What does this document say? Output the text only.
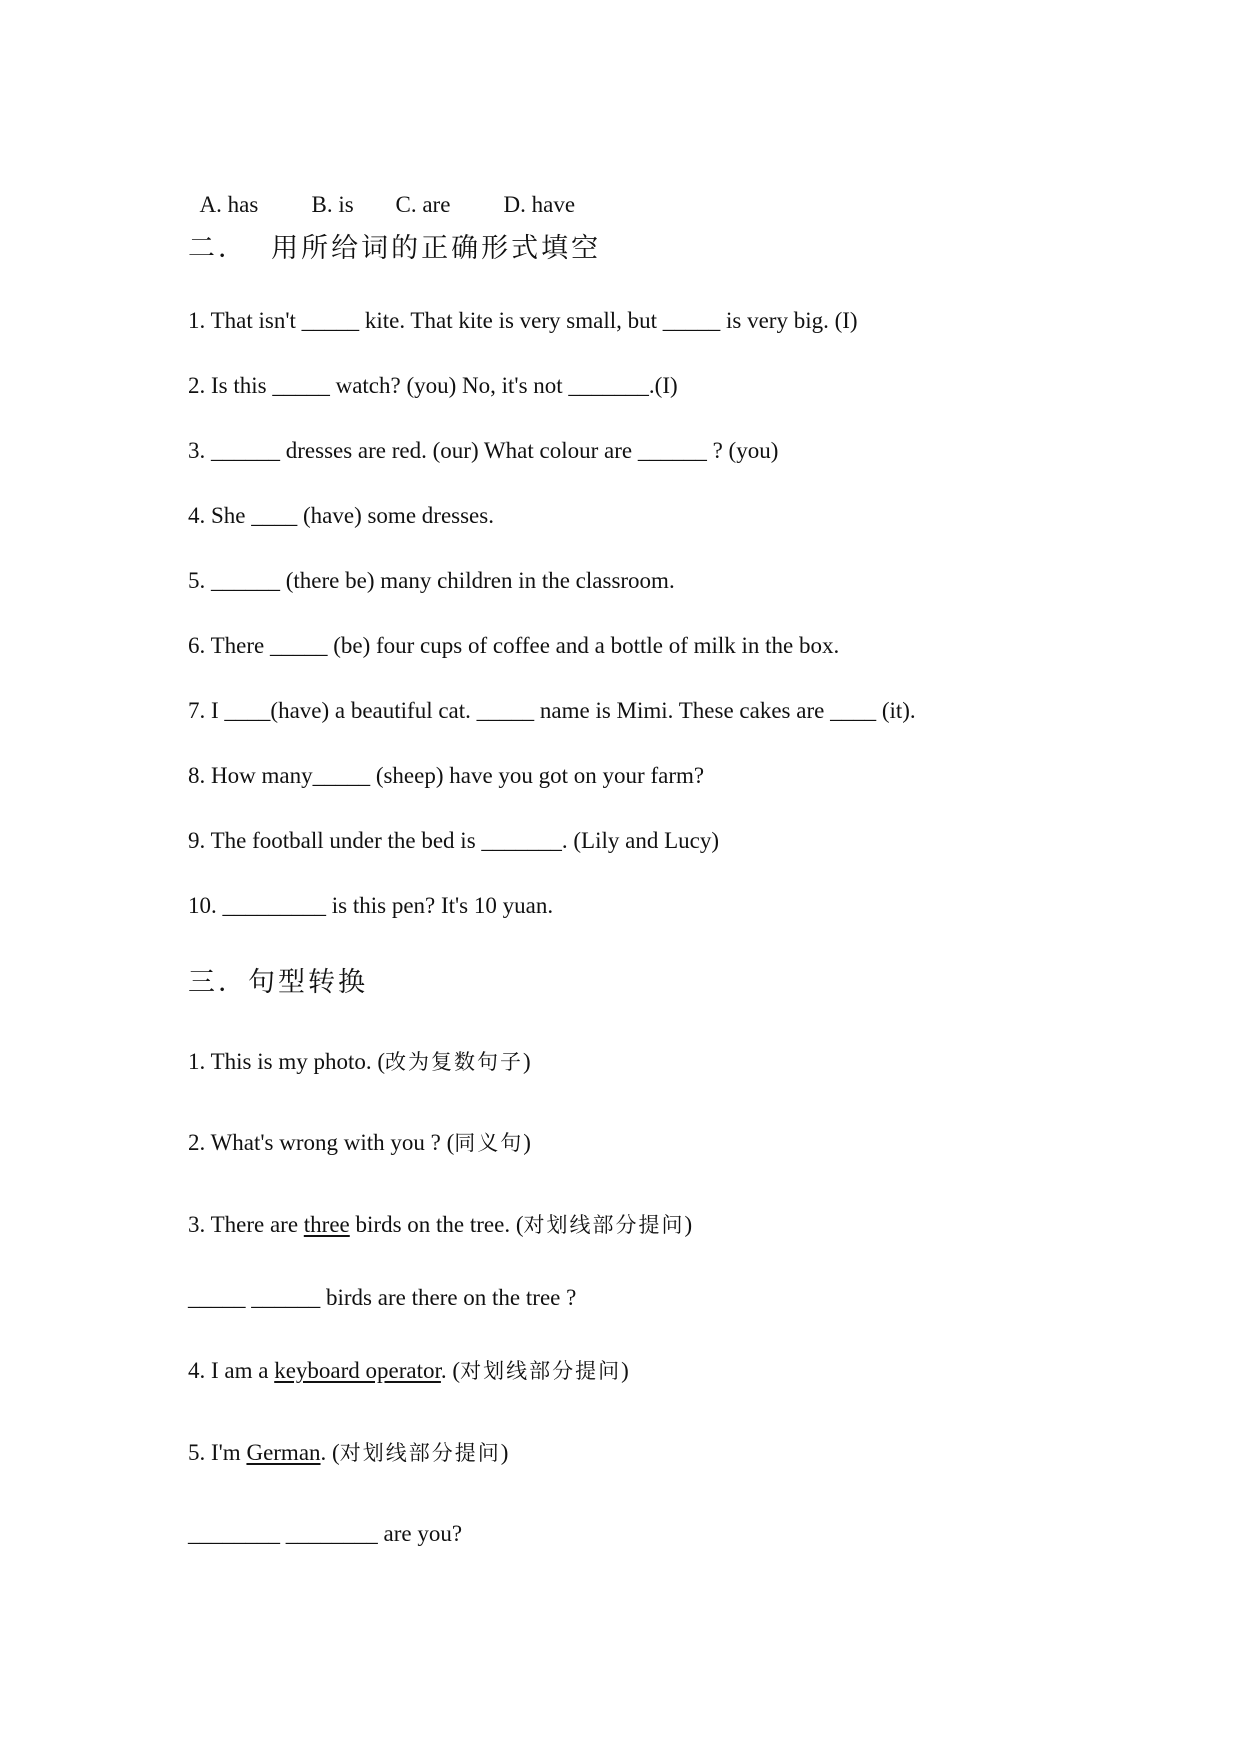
A. has B. is C. are D. have

二．  用所给词的正确形式填空
1. That isn't _____ kite. That kite is very small, but _____ is very big. (I)
2. Is this _____ watch? (you) No, it's not _______.(I)
3. ______ dresses are red. (our) What colour are ______ ? (you)
4. She ____ (have) some dresses.
5. ______ (there be) many children in the classroom.
6. There _____ (be) four cups of coffee and a bottle of milk in the box.
7. I ____(have) a beautiful cat. _____ name is Mimi. These cakes are ____ (it).
8. How many_____ (sheep) have you got on your farm?
9. The football under the bed is _______. (Lily and Lucy)
10. _________ is this pen? It's 10 yuan.
三．句型转换
1. This is my photo. (改为复数句子)
2. What's wrong with you ? (同义句)
3. There are three birds on the tree. (对划线部分提问)
_____ ______ birds are there on the tree ?
4. I am a keyboard operator. (对划线部分提问)
5. I'm German. (对划线部分提问)
________ ________ are you?
